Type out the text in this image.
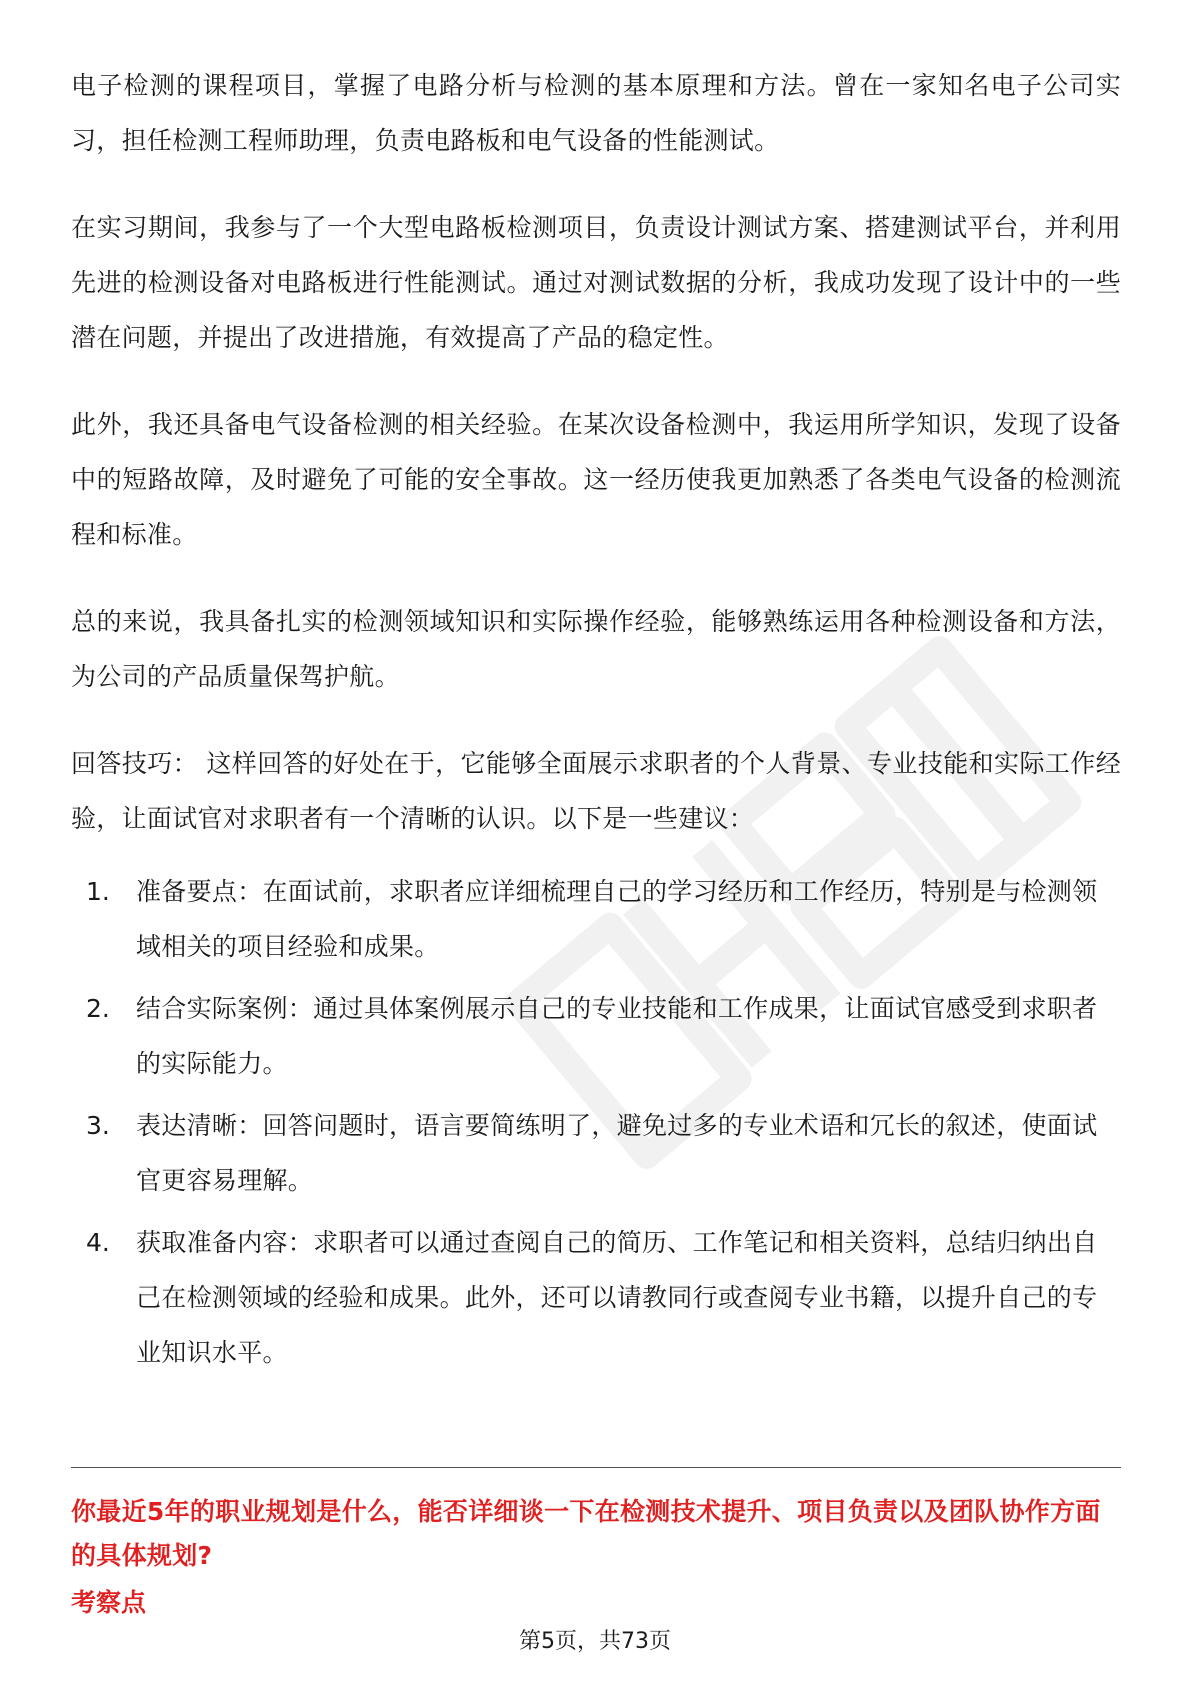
电子检测的课程项目，掌握了电路分析与检测的基本原理和方法。曾在一家知名电子公司实习，担任检测工程师助理，负责电路板和电气设备的性能测试。

在实习期间，我参与了一个大型电路板检测项目，负责设计测试方案、搭建测试平台，并利用先进的检测设备对电路板进行性能测试。通过对测试数据的分析，我成功发现了设计中的一些潜在问题，并提出了改进措施，有效提高了产品的稳定性。

此外，我还具备电气设备检测的相关经验。在某次设备检测中，我运用所学知识，发现了设备中的短路故障，及时避免了可能的安全事故。这一经历使我更加熟悉了各类电气设备的检测流程和标准。

总的来说，我具备扎实的检测领域知识和实际操作经验，能够熟练运用各种检测设备和方法，为公司的产品质量保驾护航。

回答技巧： 这样回答的好处在于，它能够全面展示求职者的个人背景、专业技能和实际工作经验，让面试官对求职者有一个清晰的认识。以下是一些建议：

1.	准备要点：在面试前，求职者应详细梳理自己的学习经历和工作经历，特别是与检测领域相关的项目经验和成果。
2.	结合实际案例：通过具体案例展示自己的专业技能和工作成果，让面试官感受到求职者的实际能力。
3.	表达清晰：回答问题时，语言要简练明了，避免过多的专业术语和冗长的叙述，使面试官更容易理解。
4.	获取准备内容：求职者可以通过查阅自己的简历、工作笔记和相关资料，总结归纳出自己在检测领域的经验和成果。此外，还可以请教同行或查阅专业书籍，以提升自己的专业知识水平。
你最近5年的职业规划是什么，能否详细谈一下在检测技术提升、项目负责以及团队协作方面的具体规划?
考察点
第5页，共73页
